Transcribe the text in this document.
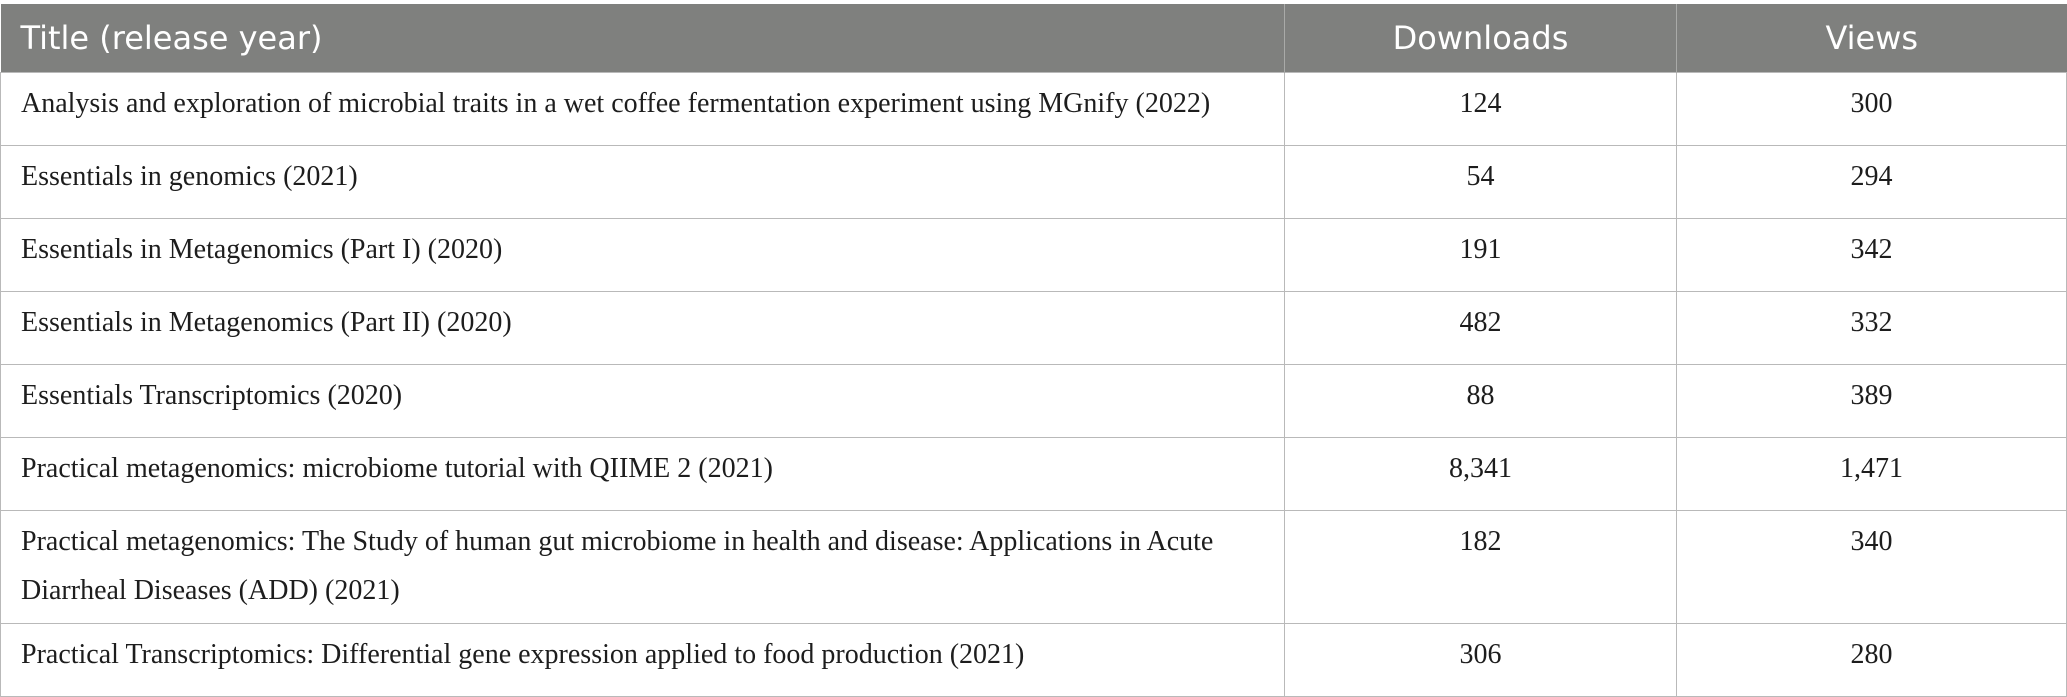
Title (release year)	Downloads	Views

Analysis and exploration of microbial traits in a wet coffee fermentation experiment using MGnify (2022)	124	300

Essentials in genomics (2021)	54	294

Essentials in Metagenomics (Part I) (2020)	191	342

Essentials in Metagenomics (Part II) (2020)	482	332

Essentials Transcriptomics (2020)	88	389

Practical metagenomics: microbiome tutorial with QIIME 2 (2021)	8,341	1,471

Practical metagenomics: The Study of human gut microbiome in health and disease: Applications in Acute Diarrheal Diseases (ADD) (2021)	182	340

Practical Transcriptomics: Differential gene expression applied to food production (2021)	306	280
